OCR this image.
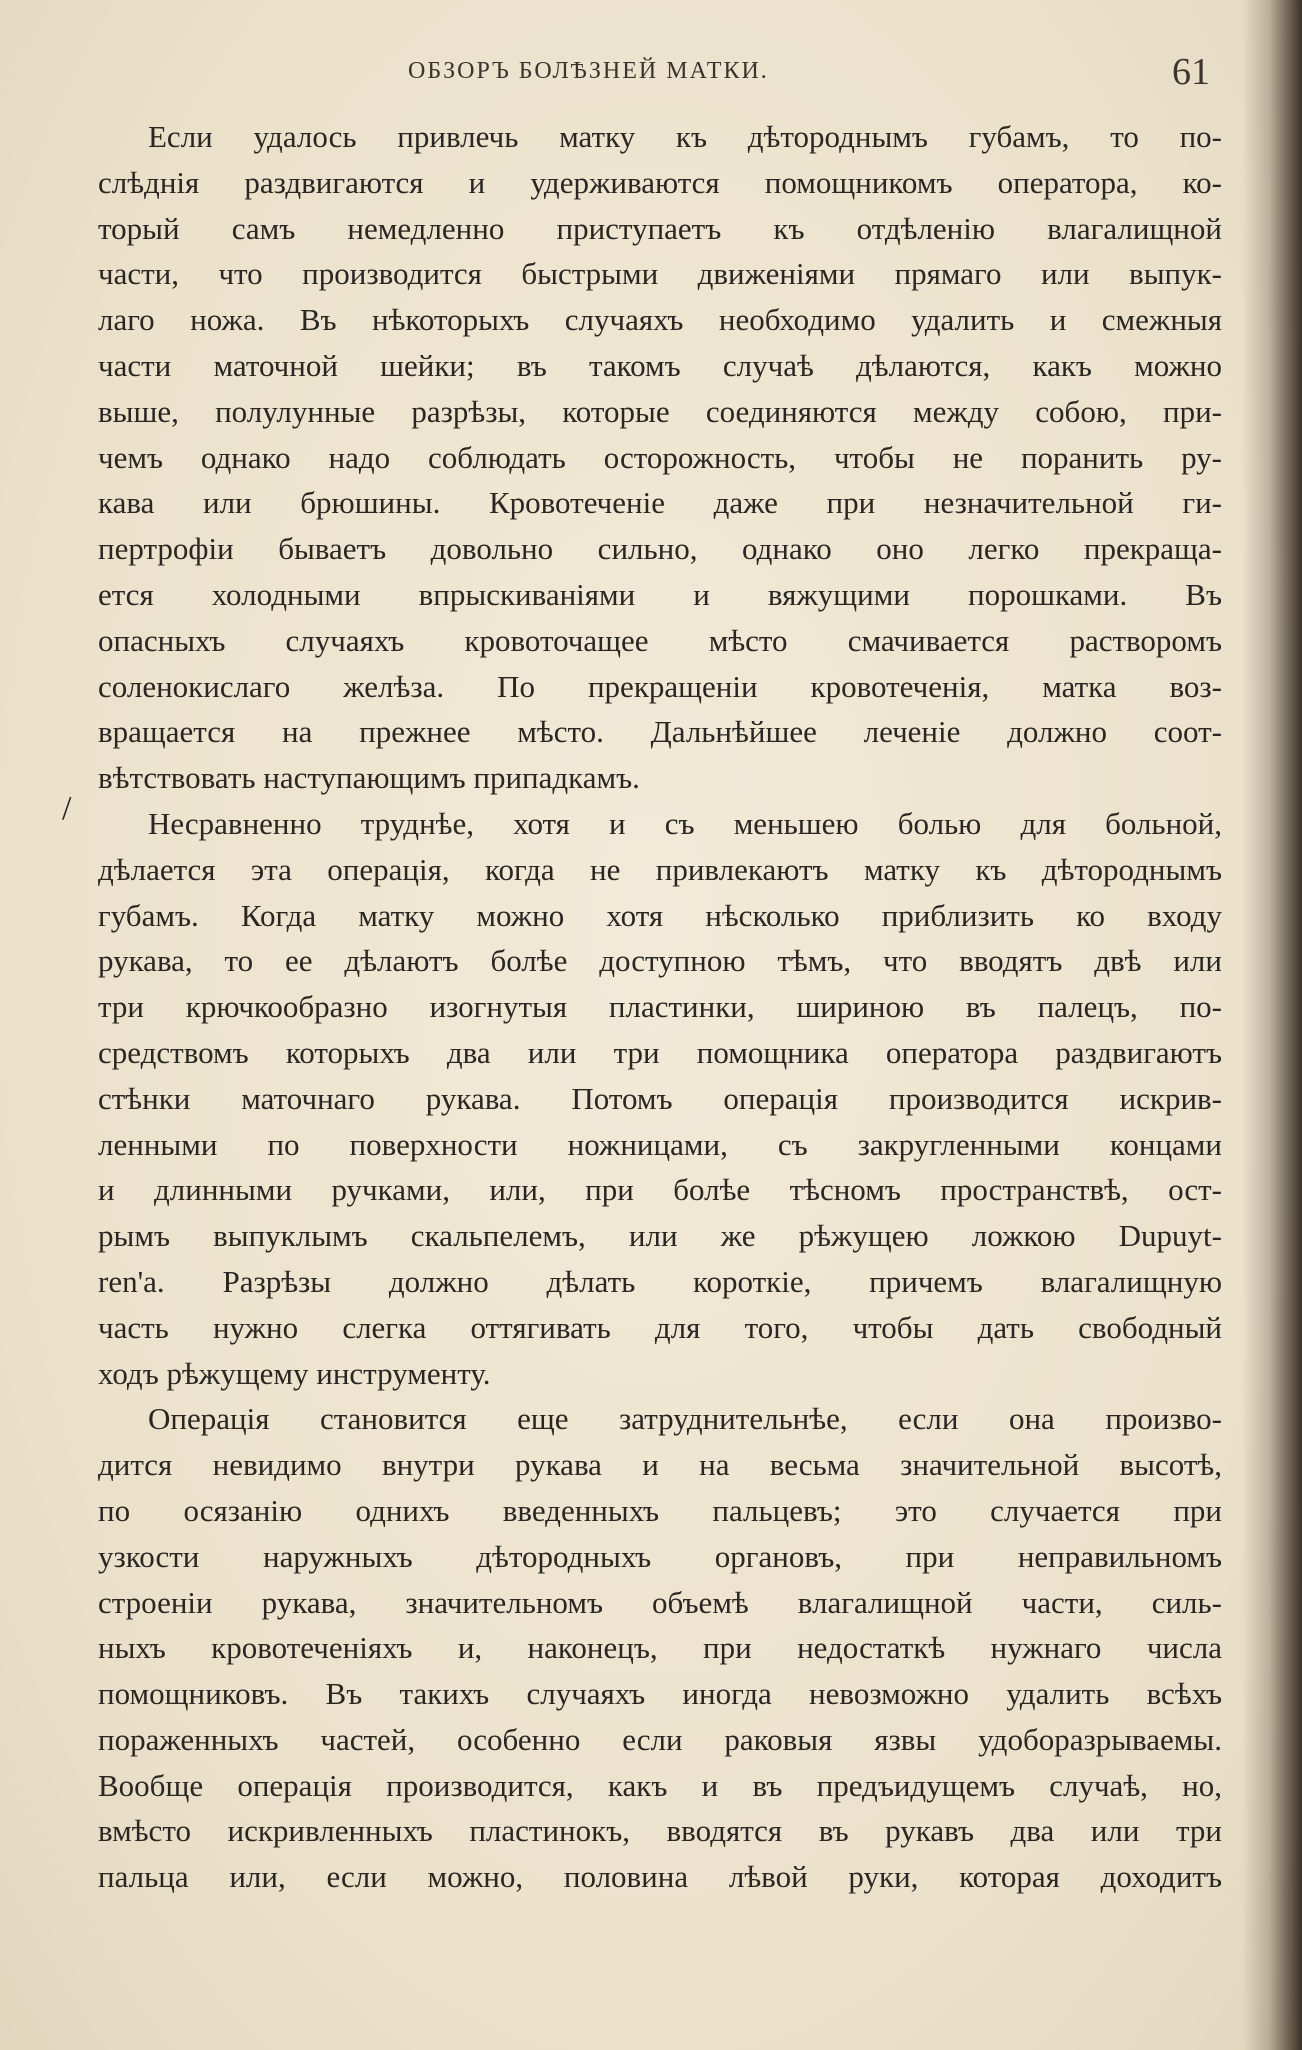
ОБЗОРЪ БОЛѢЗНЕЙ МАТКИ.	61
/
Если удалось привлечь матку къ дѣтороднымъ губамъ, то по-
слѣднія раздвигаются и удерживаются помощникомъ оператора, ко-
торый самъ немедленно приступаетъ къ отдѣленію влагалищной
части, что производится быстрыми движеніями прямаго или выпук-
лаго ножа. Въ нѣкоторыхъ случаяхъ необходимо удалить и смежныя
части маточной шейки; въ такомъ случаѣ дѣлаются, какъ можно
выше, полулунные разрѣзы, которые соединяются между собою, при-
чемъ однако надо соблюдать осторожность, чтобы не поранить ру-
кава или брюшины. Кровотеченіе даже при незначительной ги-
пертрофіи бываетъ довольно сильно, однако оно легко прекраща-
ется холодными впрыскиваніями и вяжущими порошками. Въ
опасныхъ случаяхъ кровоточащее мѣсто смачивается растворомъ
соленокислаго желѣза. По прекращеніи кровотеченія, матка воз-
вращается на прежнее мѣсто. Дальнѣйшее леченіе должно соот-
вѣтствовать наступающимъ припадкамъ.
Несравненно труднѣе, хотя и съ меньшею болью для больной,
дѣлается эта операція, когда не привлекаютъ матку къ дѣтороднымъ
губамъ. Когда матку можно хотя нѣсколько приблизить ко входу
рукава, то ее дѣлаютъ болѣе доступною тѣмъ, что вводятъ двѣ или
три крючкообразно изогнутыя пластинки, шириною въ палецъ, по-
средствомъ которыхъ два или три помощника оператора раздвигаютъ
стѣнки маточнаго рукава. Потомъ операція производится искрив-
ленными по поверхности ножницами, съ закругленными концами
и длинными ручками, или, при болѣе тѣсномъ пространствѣ, ост-
рымъ выпуклымъ скальпелемъ, или же рѣжущею ложкою Dupuyt-
ren'a. Разрѣзы должно дѣлать короткіе, причемъ влагалищную
часть нужно слегка оттягивать для того, чтобы дать свободный
ходъ рѣжущему инструменту.
Операція становится еще затруднительнѣе, если она произво-
дится невидимо внутри рукава и на весьма значительной высотѣ,
по осязанію однихъ введенныхъ пальцевъ; это случается при
узкости наружныхъ дѣтородныхъ органовъ, при неправильномъ
строеніи рукава, значительномъ объемѣ влагалищной части, силь-
ныхъ кровотеченіяхъ и, наконецъ, при недостаткѣ нужнаго числа
помощниковъ. Въ такихъ случаяхъ иногда невозможно удалить всѣхъ
пораженныхъ частей, особенно если раковыя язвы удоборазрываемы.
Вообще операція производится, какъ и въ предъидущемъ случаѣ, но,
вмѣсто искривленныхъ пластинокъ, вводятся въ рукавъ два или три
пальца или, если можно, половина лѣвой руки, которая доходитъ
